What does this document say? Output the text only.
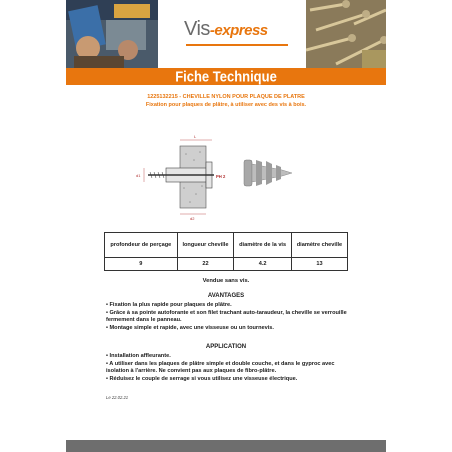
Vis-express
Fiche Technique
1225132215 - CHEVILLE NYLON POUR PLAQUE DE PLATRE
Fixation pour plaques de plâtre, à utiliser avec des vis à bois.
L
d1
d2
PH 2
profondeur de perçage	longueur cheville	diamètre de la vis	diamètre cheville
9	22	4.2	13
Vendue sans vis.
AVANTAGES
• Fixation la plus rapide pour plaques de plâtre.
• Grâce à sa pointe autoforante et son filet trachant auto-taraudeur, la cheville se verrouille fermement dans le panneau.
• Montage simple et rapide, avec une visseuse ou un tournevis.
APPLICATION
• Installation affleurante.
• A utiliser dans les plaques de plâtre simple et double couche, et dans le gyproc avec isolation à l'arrière. Ne convient pas aux plaques de fibro-plâtre.
• Réduisez le couple de serrage si vous utilisez une visseuse électrique.
Le 22.02.21
